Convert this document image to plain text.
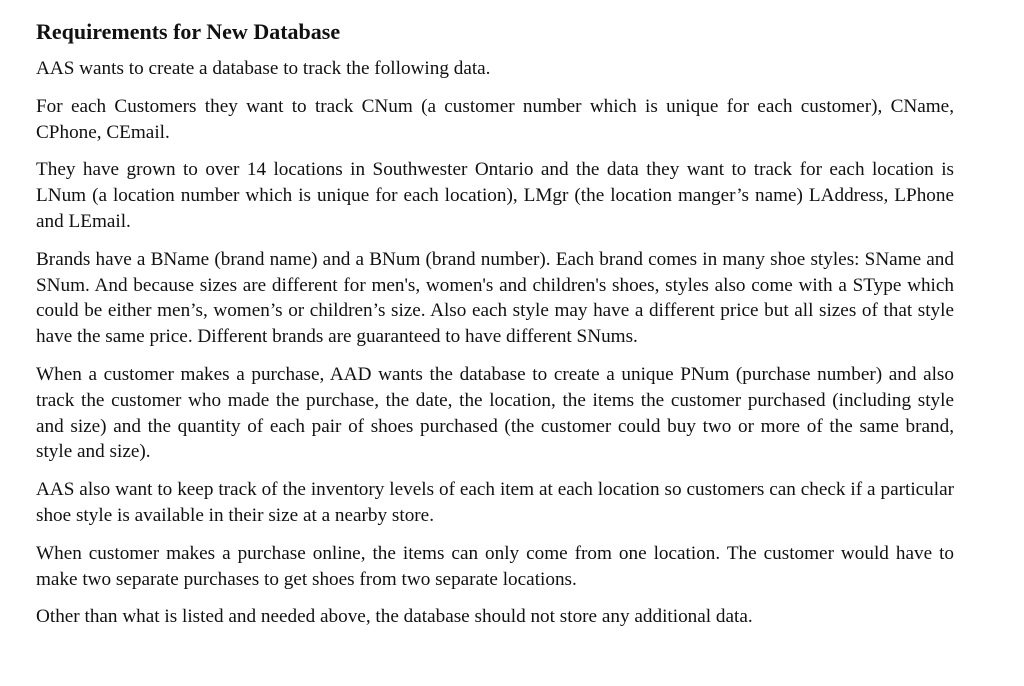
Requirements for New Database

AAS wants to create a database to track the following data.

For each Customers they want to track CNum (a customer number which is unique for each customer), CName, CPhone, CEmail.

They have grown to over 14 locations in Southwester Ontario and the data they want to track for each location is LNum (a location number which is unique for each location), LMgr (the location manger’s name) LAddress, LPhone and LEmail.

Brands have a BName (brand name) and a BNum (brand number). Each brand comes in many shoe styles: SName and SNum. And because sizes are different for men's, women's and children's shoes, styles also come with a SType which could be either men’s, women’s or children’s size. Also each style may have a different price but all sizes of that style have the same price. Different brands are guaranteed to have different SNums.

When a customer makes a purchase, AAD wants the database to create a unique PNum (purchase number) and also track the customer who made the purchase, the date, the location, the items the customer purchased (including style and size) and the quantity of each pair of shoes purchased (the customer could buy two or more of the same brand, style and size).

AAS also want to keep track of the inventory levels of each item at each location so customers can check if a particular shoe style is available in their size at a nearby store.

When customer makes a purchase online, the items can only come from one location. The customer would have to make two separate purchases to get shoes from two separate locations.

Other than what is listed and needed above, the database should not store any additional data.
